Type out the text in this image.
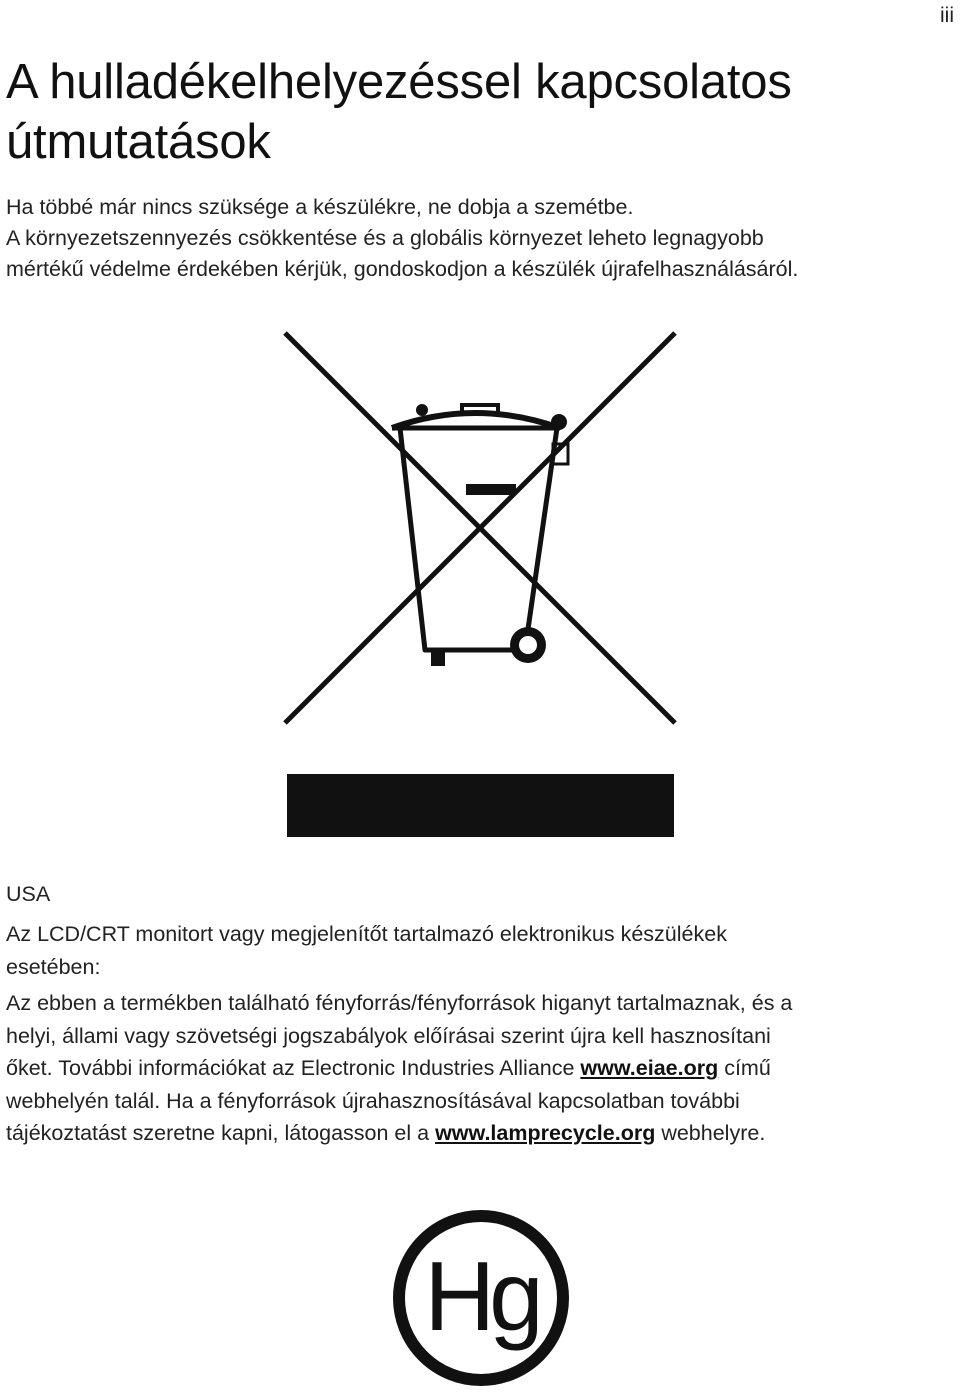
iii
A hulladékelhelyezéssel kapcsolatos
útmutatások

Ha többé már nincs szüksége a készülékre, ne dobja a szemétbe.
A környezetszennyezés csökkentése és a globális környezet leheto legnagyobb
mértékű védelme érdekében kérjük, gondoskodjon a készülék újrafelhasználásáról.

USA

Az LCD/CRT monitort vagy megjelenítőt tartalmazó elektronikus készülékek
esetében:

Az ebben a termékben található fényforrás/fényforrások higanyt tartalmaznak, és a
helyi, állami vagy szövetségi jogszabályok előírásai szerint újra kell hasznosítani
őket. További információkat az Electronic Industries Alliance www.eiae.org című
webhelyén talál. Ha a fényforrások újrahasznosításával kapcsolatban további
tájékoztatást szeretne kapni, látogasson el a www.lamprecycle.org webhelyre.

Hg
